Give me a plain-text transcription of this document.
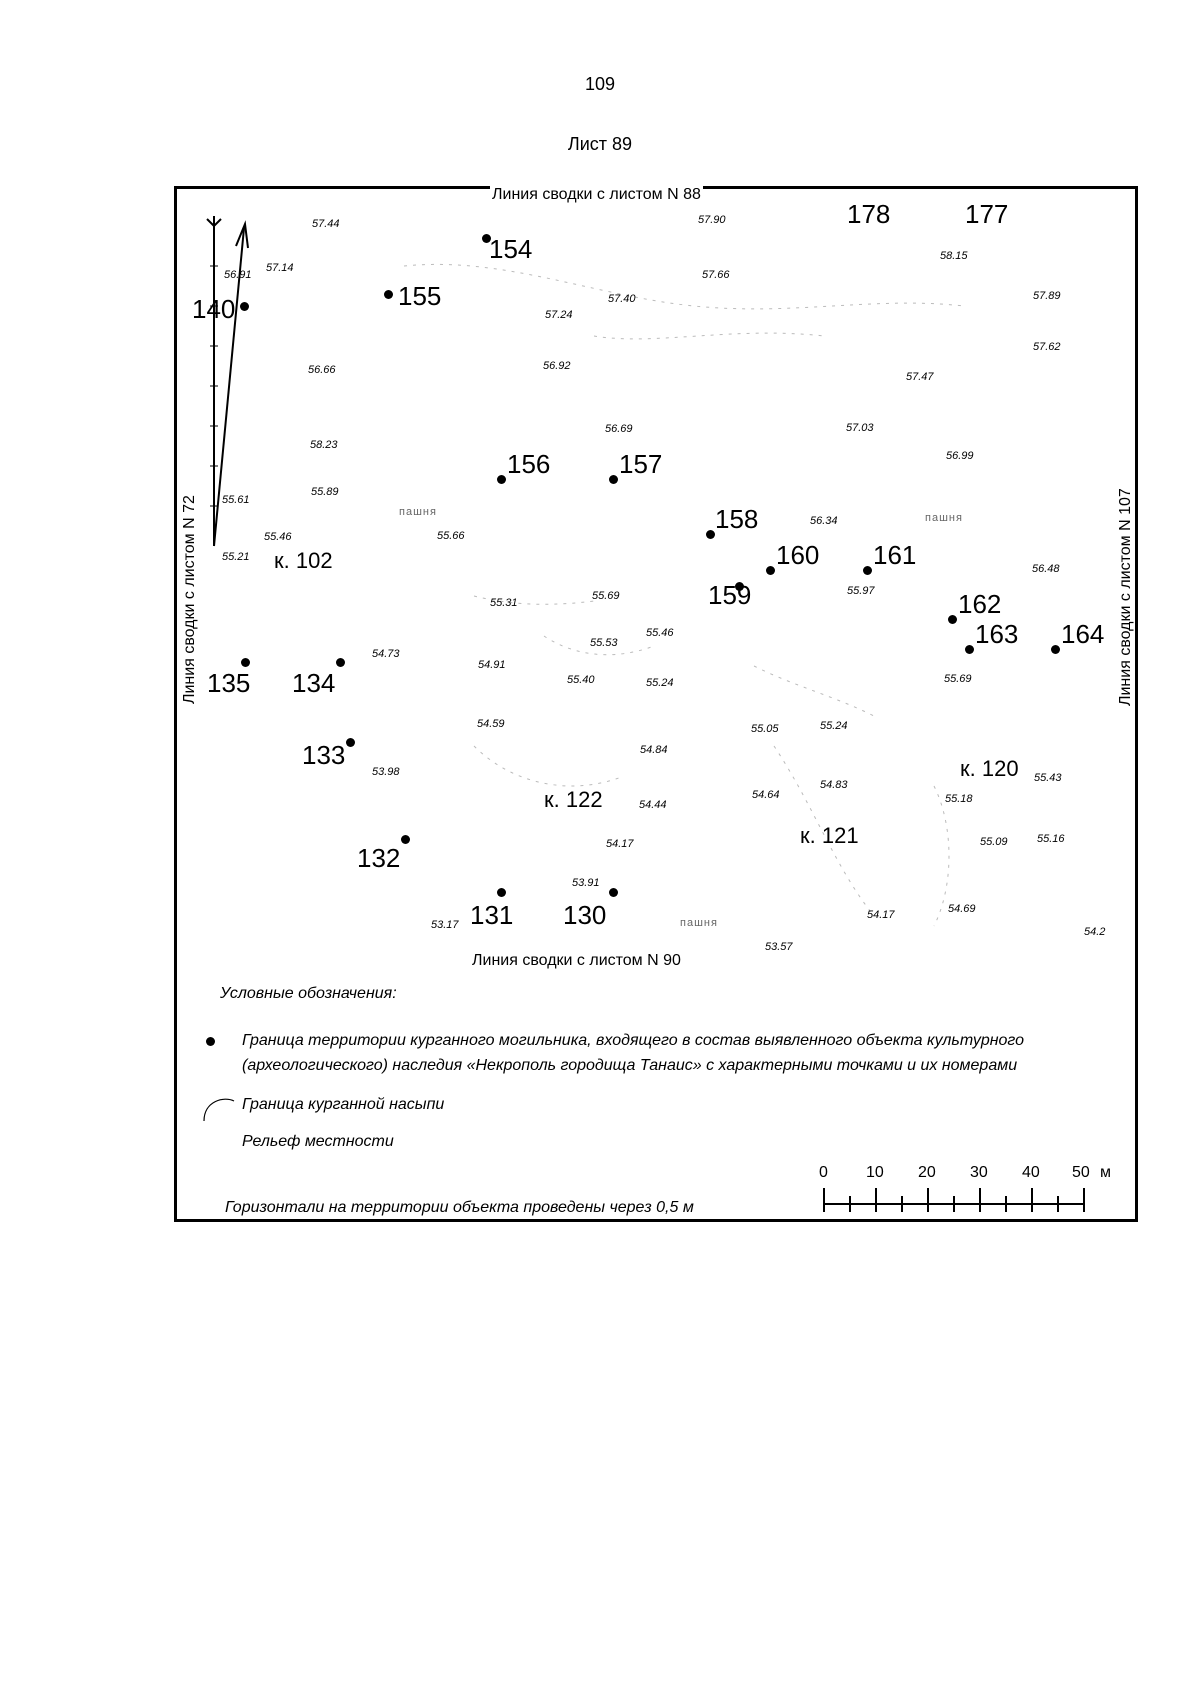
109
Лист 89
Линия сводки с листом N 88
Линия сводки с листом N 90
Линия сводки с листом N 72	Линия сводки с листом N 107
57.44	57.90
56.91
57.14
58.15
57.40
57.66
57.24
57.89
57.62
56.66	56.92
57.47
56.69	57.03
58.23
56.99
55.89
55.61
55.46	55.66
56.34
55.21
56.48
55.31
55.69	55.97
55.53
55.46
54.73
54.91
55.40	55.24	55.69
54.59	55.05	55.24
54.84
53.98
54.83
55.43
54.64
54.44	55.18
54.17	55.09	55.16
53.91
54.17	54.69
53.17
53.57
54.2
154
155
140
156	157
158
160 161
159	162
163 164
135 134
133
132
131 130
178	177
к. 102
к. 122
к. 121
к. 120
пашня	пашня
пашня
Условные обозначения:
Граница территории курганного могильника, входящего в состав выявленного объекта культурного
(археологического) наследия «Некрополь городища Танаис» с характерными точками и их номерами
Граница курганной насыпи
Рельеф местности
Горизонтали на территории объекта проведены через 0,5 м
0 10 20 30 40 50 м
